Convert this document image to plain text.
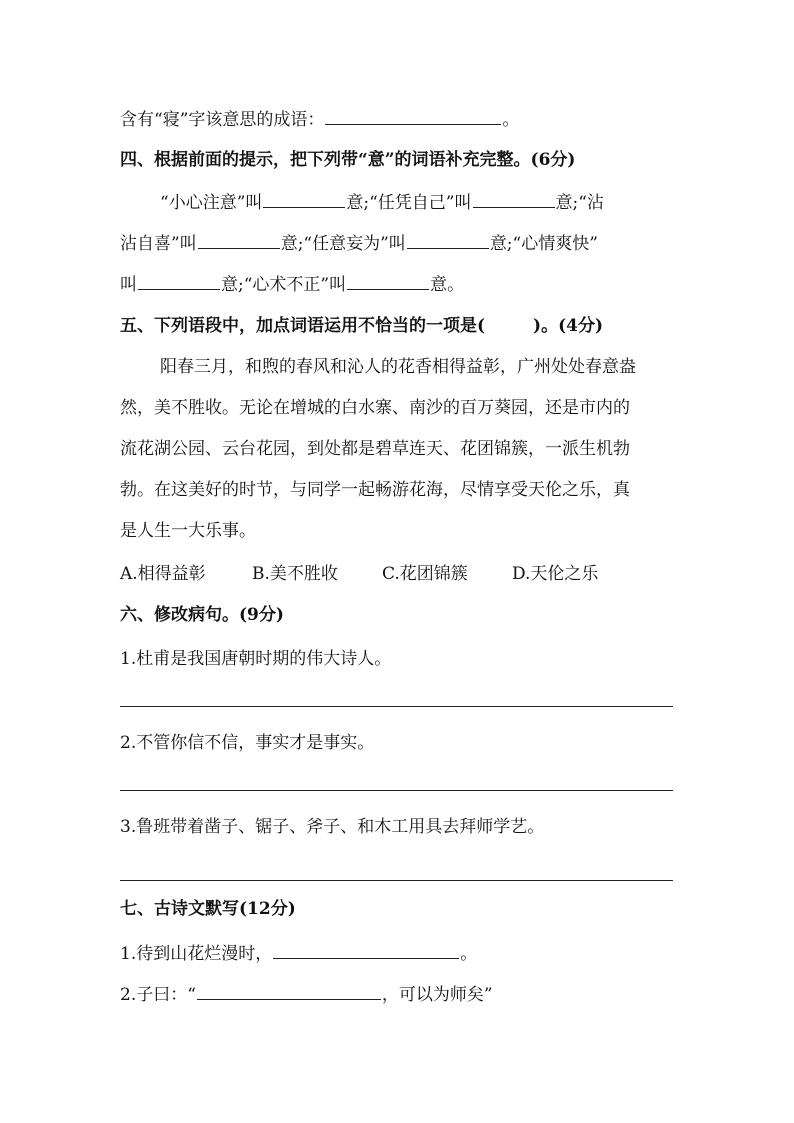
含有“寝”字该意思的成语：	。
四、根据前面的提示，把下列带“意”的词语补充完整。(6分)
“小心注意”叫	意;“任凭自己”叫	意;“沾
沾自喜”叫	意;“任意妄为”叫	意;“心情爽快”
叫	意;“心术不正”叫	意。
五、下列语段中，加点词语运用不恰当的一项是(	)。(4分)
阳春三月，和煦的春风和沁人的花香相得益彰，广州处处春意盎
然，美不胜收。无论在增城的白水寨、南沙的百万葵园，还是市内的
流花湖公园、云台花园，到处都是碧草连天、花团锦簇，一派生机勃
勃。在这美好的时节，与同学一起畅游花海，尽情享受天伦之乐，真
是人生一大乐事。
A.相得益彰	B.美不胜收	C.花团锦簇	D.天伦之乐
六、修改病句。(9分)
1.杜甫是我国唐朝时期的伟大诗人。
2.不管你信不信，事实才是事实。
3.鲁班带着凿子、锯子、斧子、和木工用具去拜师学艺。
七、古诗文默写(12分)
1.待到山花烂漫时，	。
2.子曰：“	，可以为师矣”
